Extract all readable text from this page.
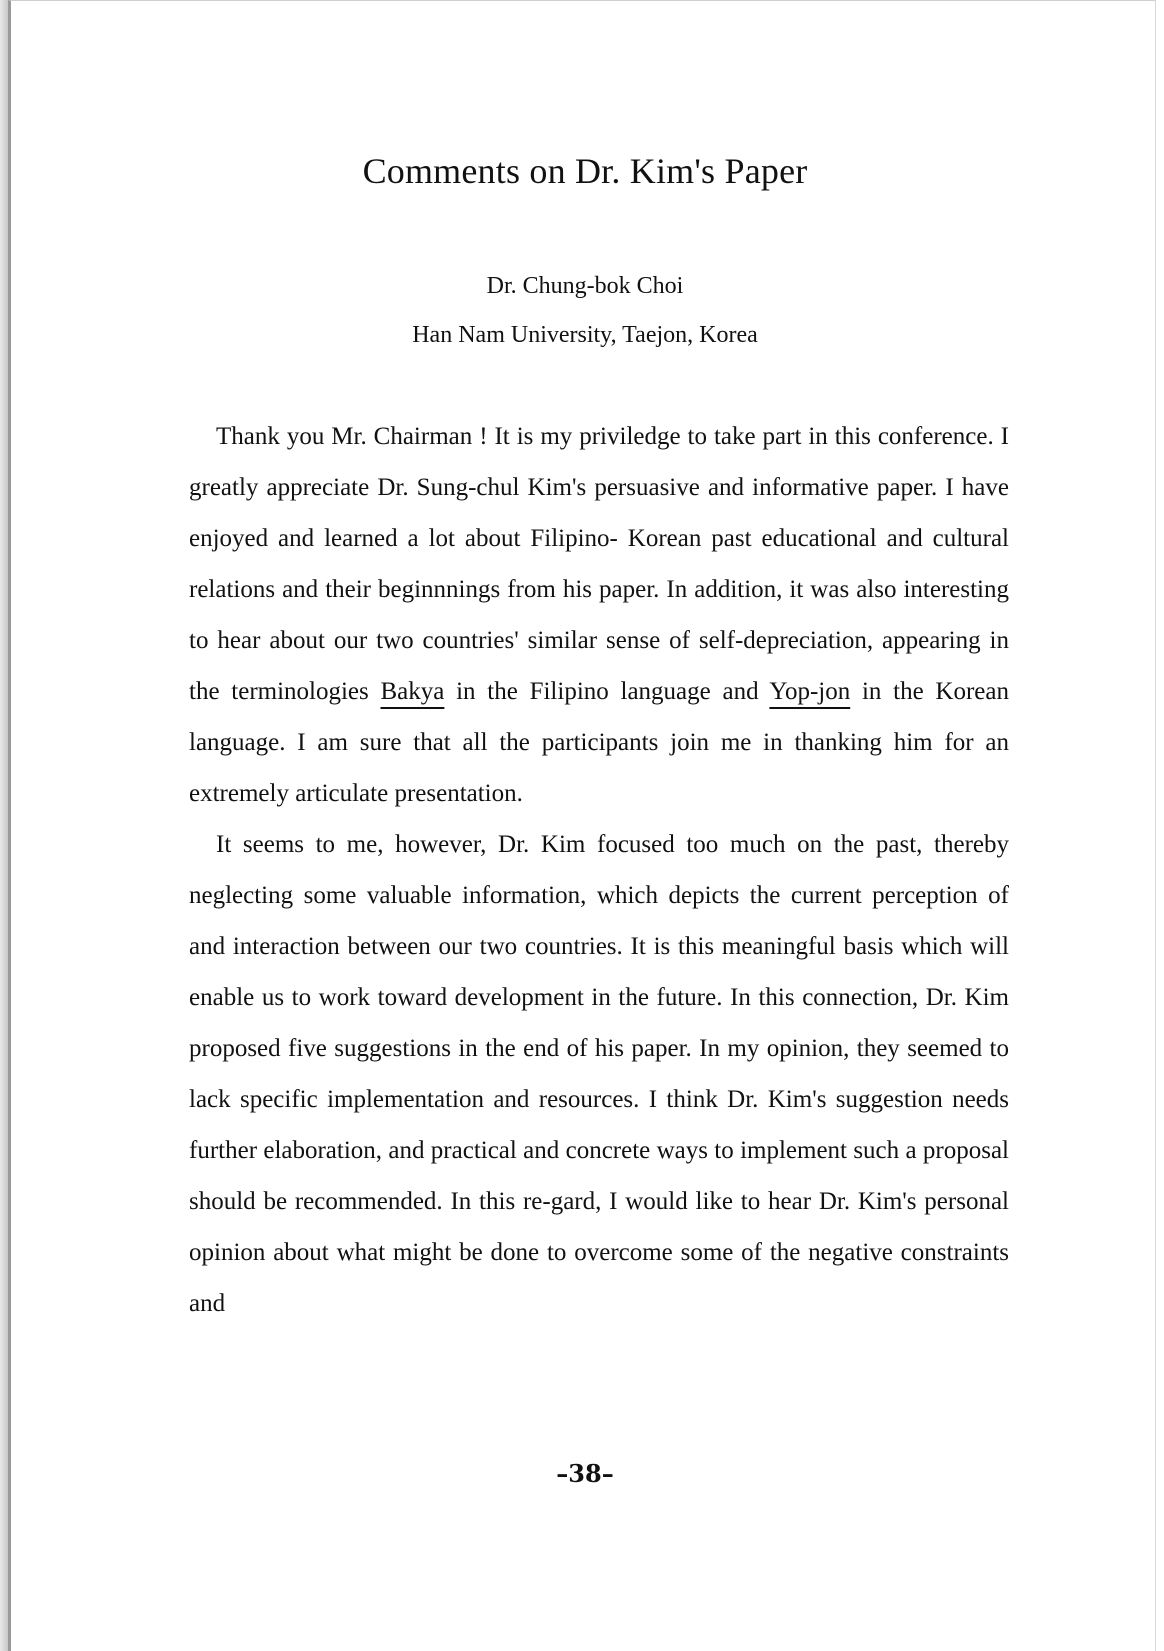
Comments on Dr. Kim's Paper

Dr. Chung-bok Choi

Han Nam University, Taejon, Korea

Thank you Mr. Chairman ! It is my priviledge to take part in this conference. I greatly appreciate Dr. Sung-chul Kim's persuasive and informative paper. I have enjoyed and learned a lot about Filipino- Korean past educational and cultural relations and their beginnnings from his paper. In addition, it was also interesting to hear about our two countries' similar sense of self-depreciation, appearing in the terminologies Bakya in the Filipino language and Yop-jon in the Korean language. I am sure that all the participants join me in thanking him for an extremely articulate presentation.

It seems to me, however, Dr. Kim focused too much on the past, thereby neglecting some valuable information, which depicts the current perception of and interaction between our two countries. It is this meaningful basis which will enable us to work toward development in the future. In this connection, Dr. Kim proposed five suggestions in the end of his paper. In my opinion, they seemed to lack specific implementation and resources. I think Dr. Kim's suggestion needs further elaboration, and practical and concrete ways to implement such a proposal should be recommended. In this re-gard, I would like to hear Dr. Kim's personal opinion about what might be done to overcome some of the negative constraints and

–38–
